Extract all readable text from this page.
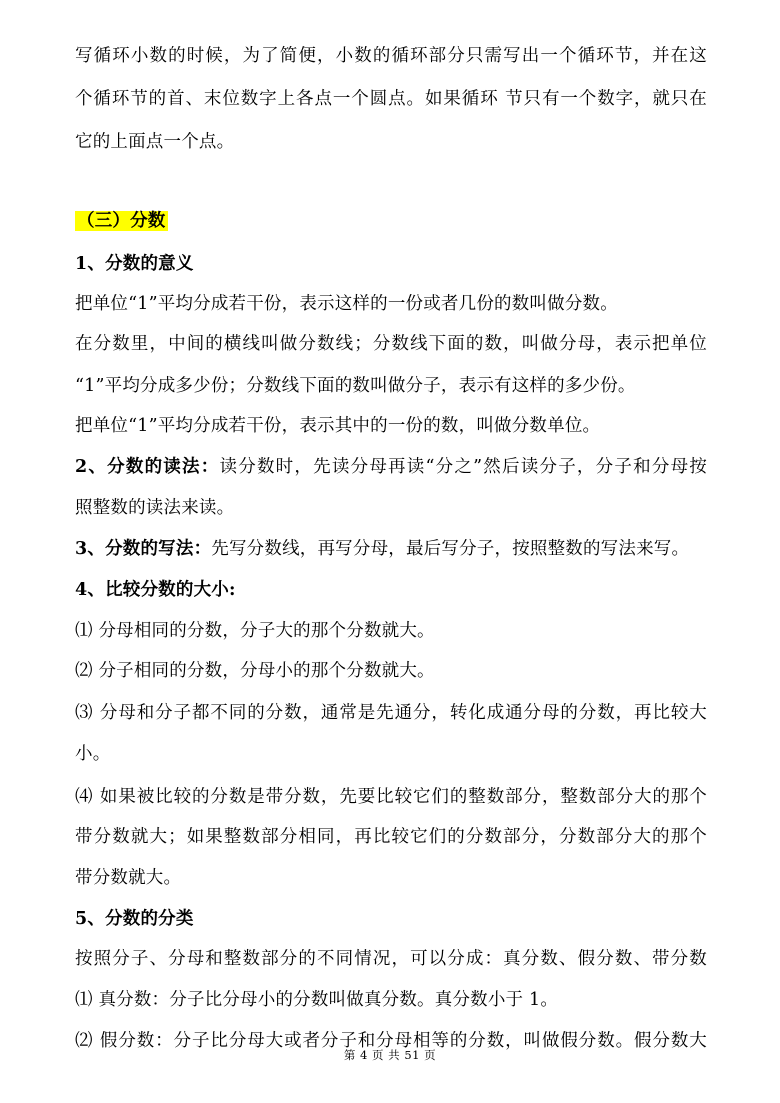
写循环小数的时候，为了简便，小数的循环部分只需写出一个循环节，并在这
个循环节的首、末位数字上各点一个圆点。如果循环 节只有一个数字，就只在
它的上面点一个点。
（三）分数
1、分数的意义
把单位“1”平均分成若干份，表示这样的一份或者几份的数叫做分数。
在分数里，中间的横线叫做分数线；分数线下面的数，叫做分母，表示把单位
“1”平均分成多少份；分数线下面的数叫做分子，表示有这样的多少份。
把单位“1”平均分成若干份，表示其中的一份的数，叫做分数单位。
2、分数的读法：读分数时，先读分母再读“分之”然后读分子，分子和分母按
照整数的读法来读。
3、分数的写法：先写分数线，再写分母，最后写分子，按照整数的写法来写。
4、比较分数的大小:
⑴ 分母相同的分数，分子大的那个分数就大。
⑵ 分子相同的分数，分母小的那个分数就大。
⑶ 分母和分子都不同的分数，通常是先通分，转化成通分母的分数，再比较大
小。
⑷ 如果被比较的分数是带分数，先要比较它们的整数部分，整数部分大的那个
带分数就大；如果整数部分相同，再比较它们的分数部分，分数部分大的那个
带分数就大。
5、分数的分类
按照分子、分母和整数部分的不同情况，可以分成：真分数、假分数、带分数
⑴ 真分数：分子比分母小的分数叫做真分数。真分数小于 1。
⑵ 假分数：分子比分母大或者分子和分母相等的分数，叫做假分数。假分数大
第 4 页 共 51 页
